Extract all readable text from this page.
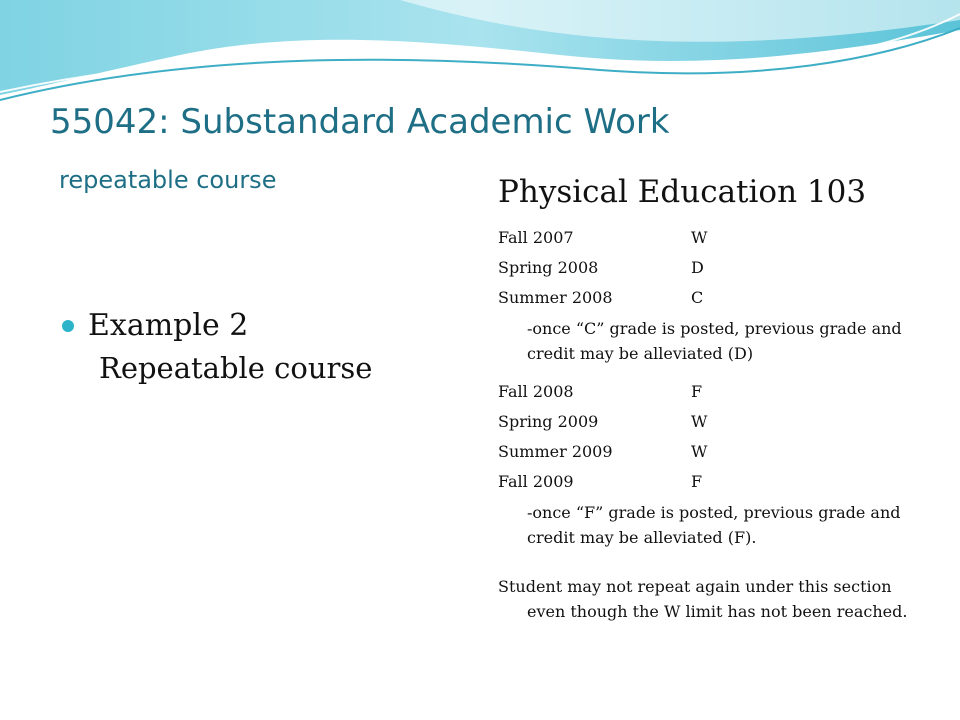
55042: Substandard Academic Work
repeatable course
Example 2
Repeatable course
Physical Education 103
Fall 2007	W
Spring 2008	D
Summer 2008	C
-once “C” grade is posted, previous grade and credit may be alleviated (D)
Fall 2008	F
Spring 2009	W
Summer 2009	W
Fall 2009	F
-once “F” grade is posted, previous grade and credit may be alleviated (F).
Student may not repeat again under this section even though the W limit has not been reached.
